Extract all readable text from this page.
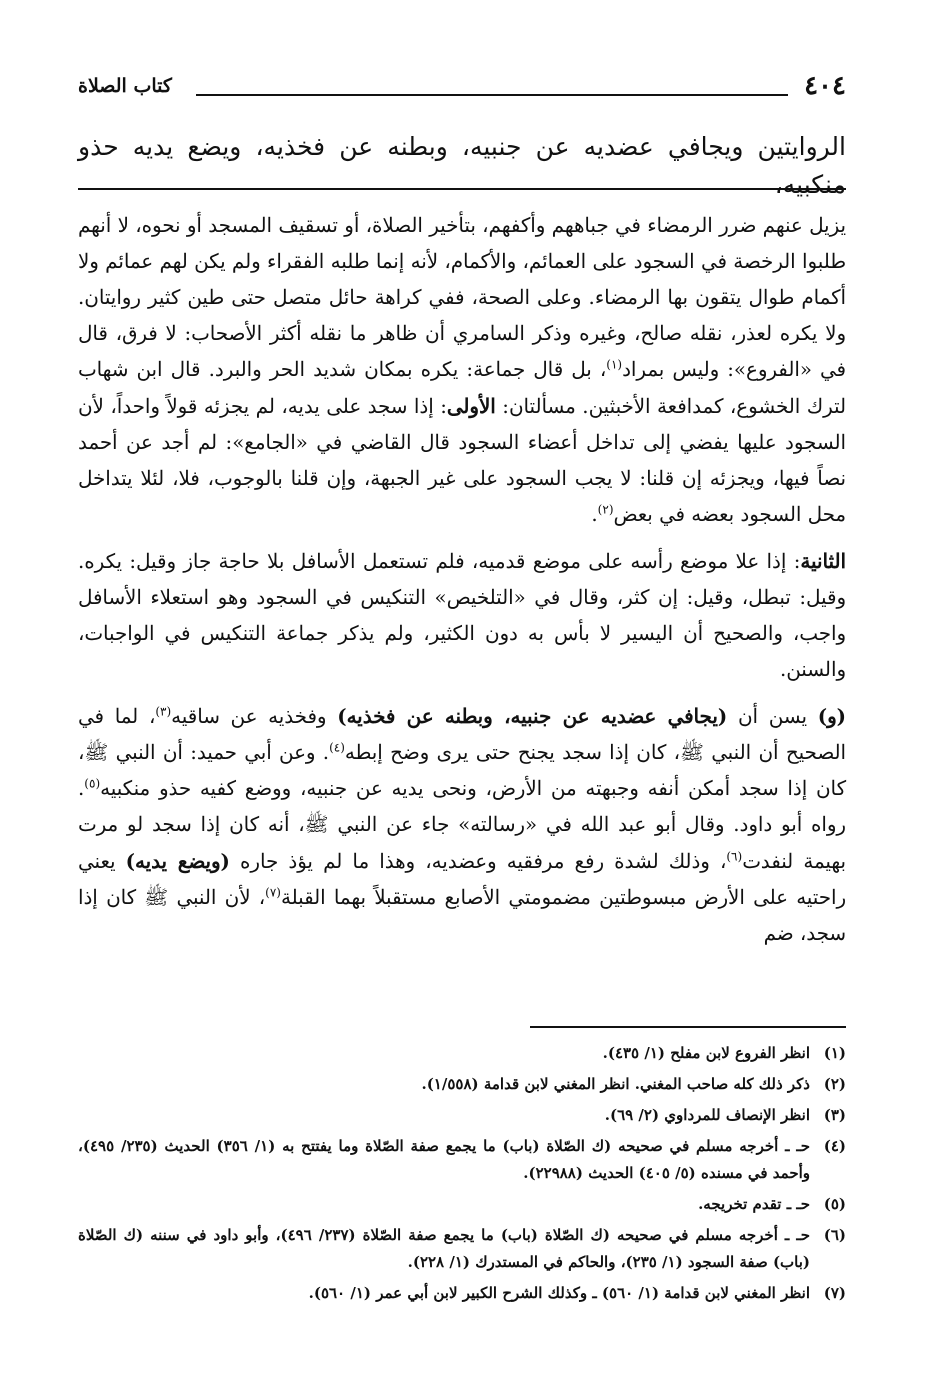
٤٠٤
كتاب الصلاة
الروايتين ويجافي عضديه عن جنبيه، وبطنه عن فخذيه، ويضع يديه حذو منكبيه،

يزيل عنهم ضرر الرمضاء في جباههم وأكفهم، بتأخير الصلاة، أو تسقيف المسجد أو نحوه، لا أنهم طلبوا الرخصة في السجود على العمائم، والأكمام، لأنه إنما طلبه الفقراء ولم يكن لهم عمائم ولا أكمام طوال يتقون بها الرمضاء. وعلى الصحة، ففي كراهة حائل متصل حتى طين كثير روايتان. ولا يكره لعذر، نقله صالح، وغيره وذكر السامري أن ظاهر ما نقله أكثر الأصحاب: لا فرق، قال في «الفروع»: وليس بمراد$^{(١)}$، بل قال جماعة: يكره بمكان شديد الحر والبرد. قال ابن شهاب لترك الخشوع، كمدافعة الأخبثين. مسألتان: الأولى: إذا سجد على يديه، لم يجزئه قولاً واحداً، لأن السجود عليها يفضي إلى تداخل أعضاء السجود قال القاضي في «الجامع»: لم أجد عن أحمد نصاً فيها، ويجزئه إن قلنا: لا يجب السجود على غير الجبهة، وإن قلنا بالوجوب، فلا، لئلا يتداخل محل السجود بعضه في بعض$^{(٢)}$.

الثانية: إذا علا موضع رأسه على موضع قدميه، فلم تستعمل الأسافل بلا حاجة جاز وقيل: يكره. وقيل: تبطل، وقيل: إن كثر، وقال في «التلخيص» التنكيس في السجود وهو استعلاء الأسافل واجب، والصحيح أن اليسير لا بأس به دون الكثير، ولم يذكر جماعة التنكيس في الواجبات، والسنن.

(و) يسن أن (يجافي عضديه عن جنبيه، وبطنه عن فخذيه) وفخذيه عن ساقيه$^{(٣)}$، لما في الصحيح أن النبي ﷺ، كان إذا سجد يجنح حتى يرى وضح إبطه$^{(٤)}$. وعن أبي حميد: أن النبي ﷺ، كان إذا سجد أمكن أنفه وجبهته من الأرض، ونحى يديه عن جنبيه، ووضع كفيه حذو منكبيه$^{(٥)}$. رواه أبو داود. وقال أبو عبد الله في «رسالته» جاء عن النبي ﷺ، أنه كان إذا سجد لو مرت بهيمة لنفدت$^{(٦)}$، وذلك لشدة رفع مرفقيه وعضديه، وهذا ما لم يؤذ جاره (ويضع يديه) يعني راحتيه على الأرض مبسوطتين مضمومتي الأصابع مستقبلاً بهما القبلة$^{(٧)}$، لأن النبي ﷺ كان إذا سجد، ضم

(١)
انظر الفروع لابن مفلح (١/ ٤٣٥).
(٢)
ذكر ذلك كله صاحب المغني. انظر المغني لابن قدامة (١/٥٥٨).
(٣)
انظر الإنصاف للمرداوي (٢/ ٦٩).
(٤)
حـ ـ أخرجه مسلم في صحيحه (ك الصّلاة (باب) ما يجمع صفة الصّلاة وما يفتتح به (١/ ٣٥٦) الحديث (٢٣٥/ ٤٩٥)، وأحمد في مسنده (٥/ ٤٠٥) الحديث (٢٢٩٨٨).
(٥)
حـ ـ تقدم تخريجه.
(٦)
حـ ـ أخرجه مسلم في صحيحه (ك الصّلاة (باب) ما يجمع صفة الصّلاة (٢٣٧/ ٤٩٦)، وأبو داود في سننه (ك الصّلاة (باب) صفة السجود (١/ ٢٣٥)، والحاكم في المستدرك (١/ ٢٢٨).
(٧)
انظر المغني لابن قدامة (١/ ٥٦٠) ـ وكذلك الشرح الكبير لابن أبي عمر (١/ ٥٦٠).
